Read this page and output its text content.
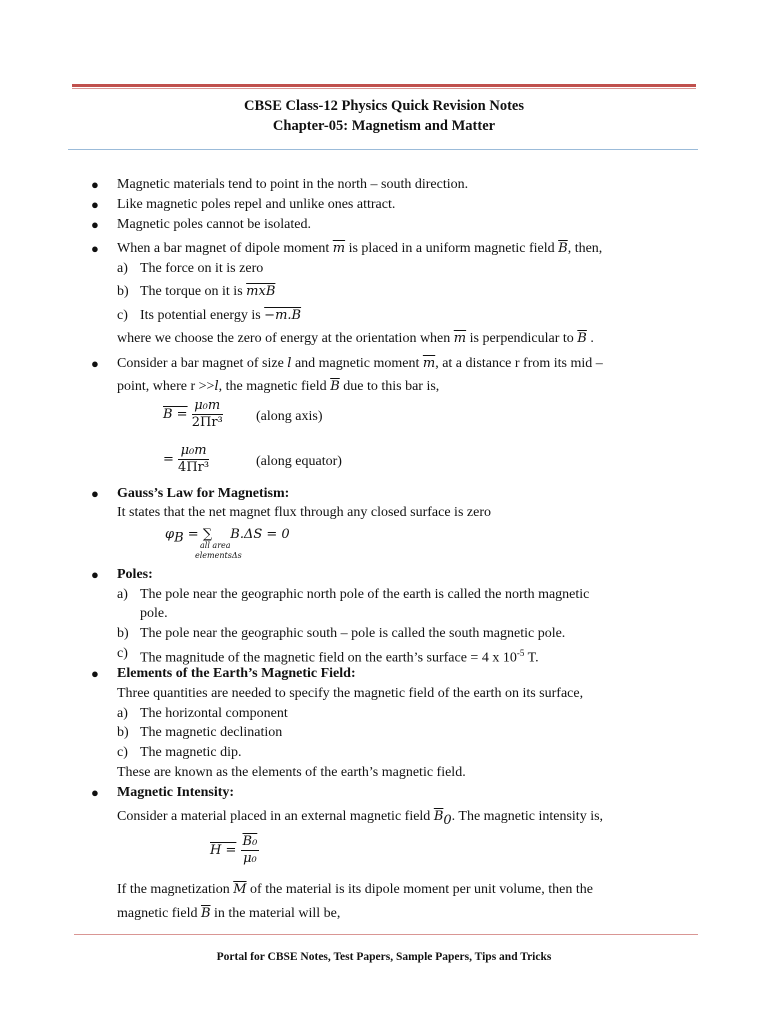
CBSE Class-12 Physics Quick Revision Notes
Chapter-05: Magnetism and Matter
● Magnetic materials tend to point in the north – south direction.
● Like magnetic poles repel and unlike ones attract.
● Magnetic poles cannot be isolated.
● When a bar magnet of dipole moment $\overline{m}$ is placed in a uniform magnetic field $\overline{B}$, then,
a) The force on it is zero
b) The torque on it is $\overline{mxB}$
c) Its potential energy is −m.B
where we choose the zero of energy at the orientation when $\overline{m}$ is perpendicular to $\overline{B}$ .
● Consider a bar magnet of size l and magnetic moment $\overline{m}$, at a distance r from its mid –
point, where r >>l, the magnetic field $\overline{B}$ due to this bar is,
$B = \frac{\text{μ₀m}}{\text{2Πr³}}$ (along axis)
= $\frac{\text{μ₀m}}{\text{4Πr³}}$	(along equator)
● Gauss’s Law for Magnetism:
It states that the net magnet flux through any closed surface is zero
$\varphi_B$ = ∑ B.ΔS = 0
all area
elementsΔs
● Poles:
a) The pole near the geographic north pole of the earth is called the north magnetic
pole.
b) The pole near the geographic south – pole is called the south magnetic pole.
c) The magnitude of the magnetic field on the earth’s surface = 4 x $10^{-5}$ T.
● Elements of the Earth’s Magnetic Field:
Three quantities are needed to specify the magnetic field of the earth on its surface,
a) The horizontal component
b) The magnetic declination
c) The magnetic dip.
These are known as the elements of the earth’s magnetic field.
● Magnetic Intensity:
Consider a material placed in an external magnetic field $\overline{B}_0$. The magnetic intensity is,
$H = \frac{\text{B₀}}{\text{μ₀}}$
If the magnetization $\overline{M}$ of the material is its dipole moment per unit volume, then the
magnetic field $\overline{B}$ in the material will be,
Portal for CBSE Notes, Test Papers, Sample Papers, Tips and Tricks
